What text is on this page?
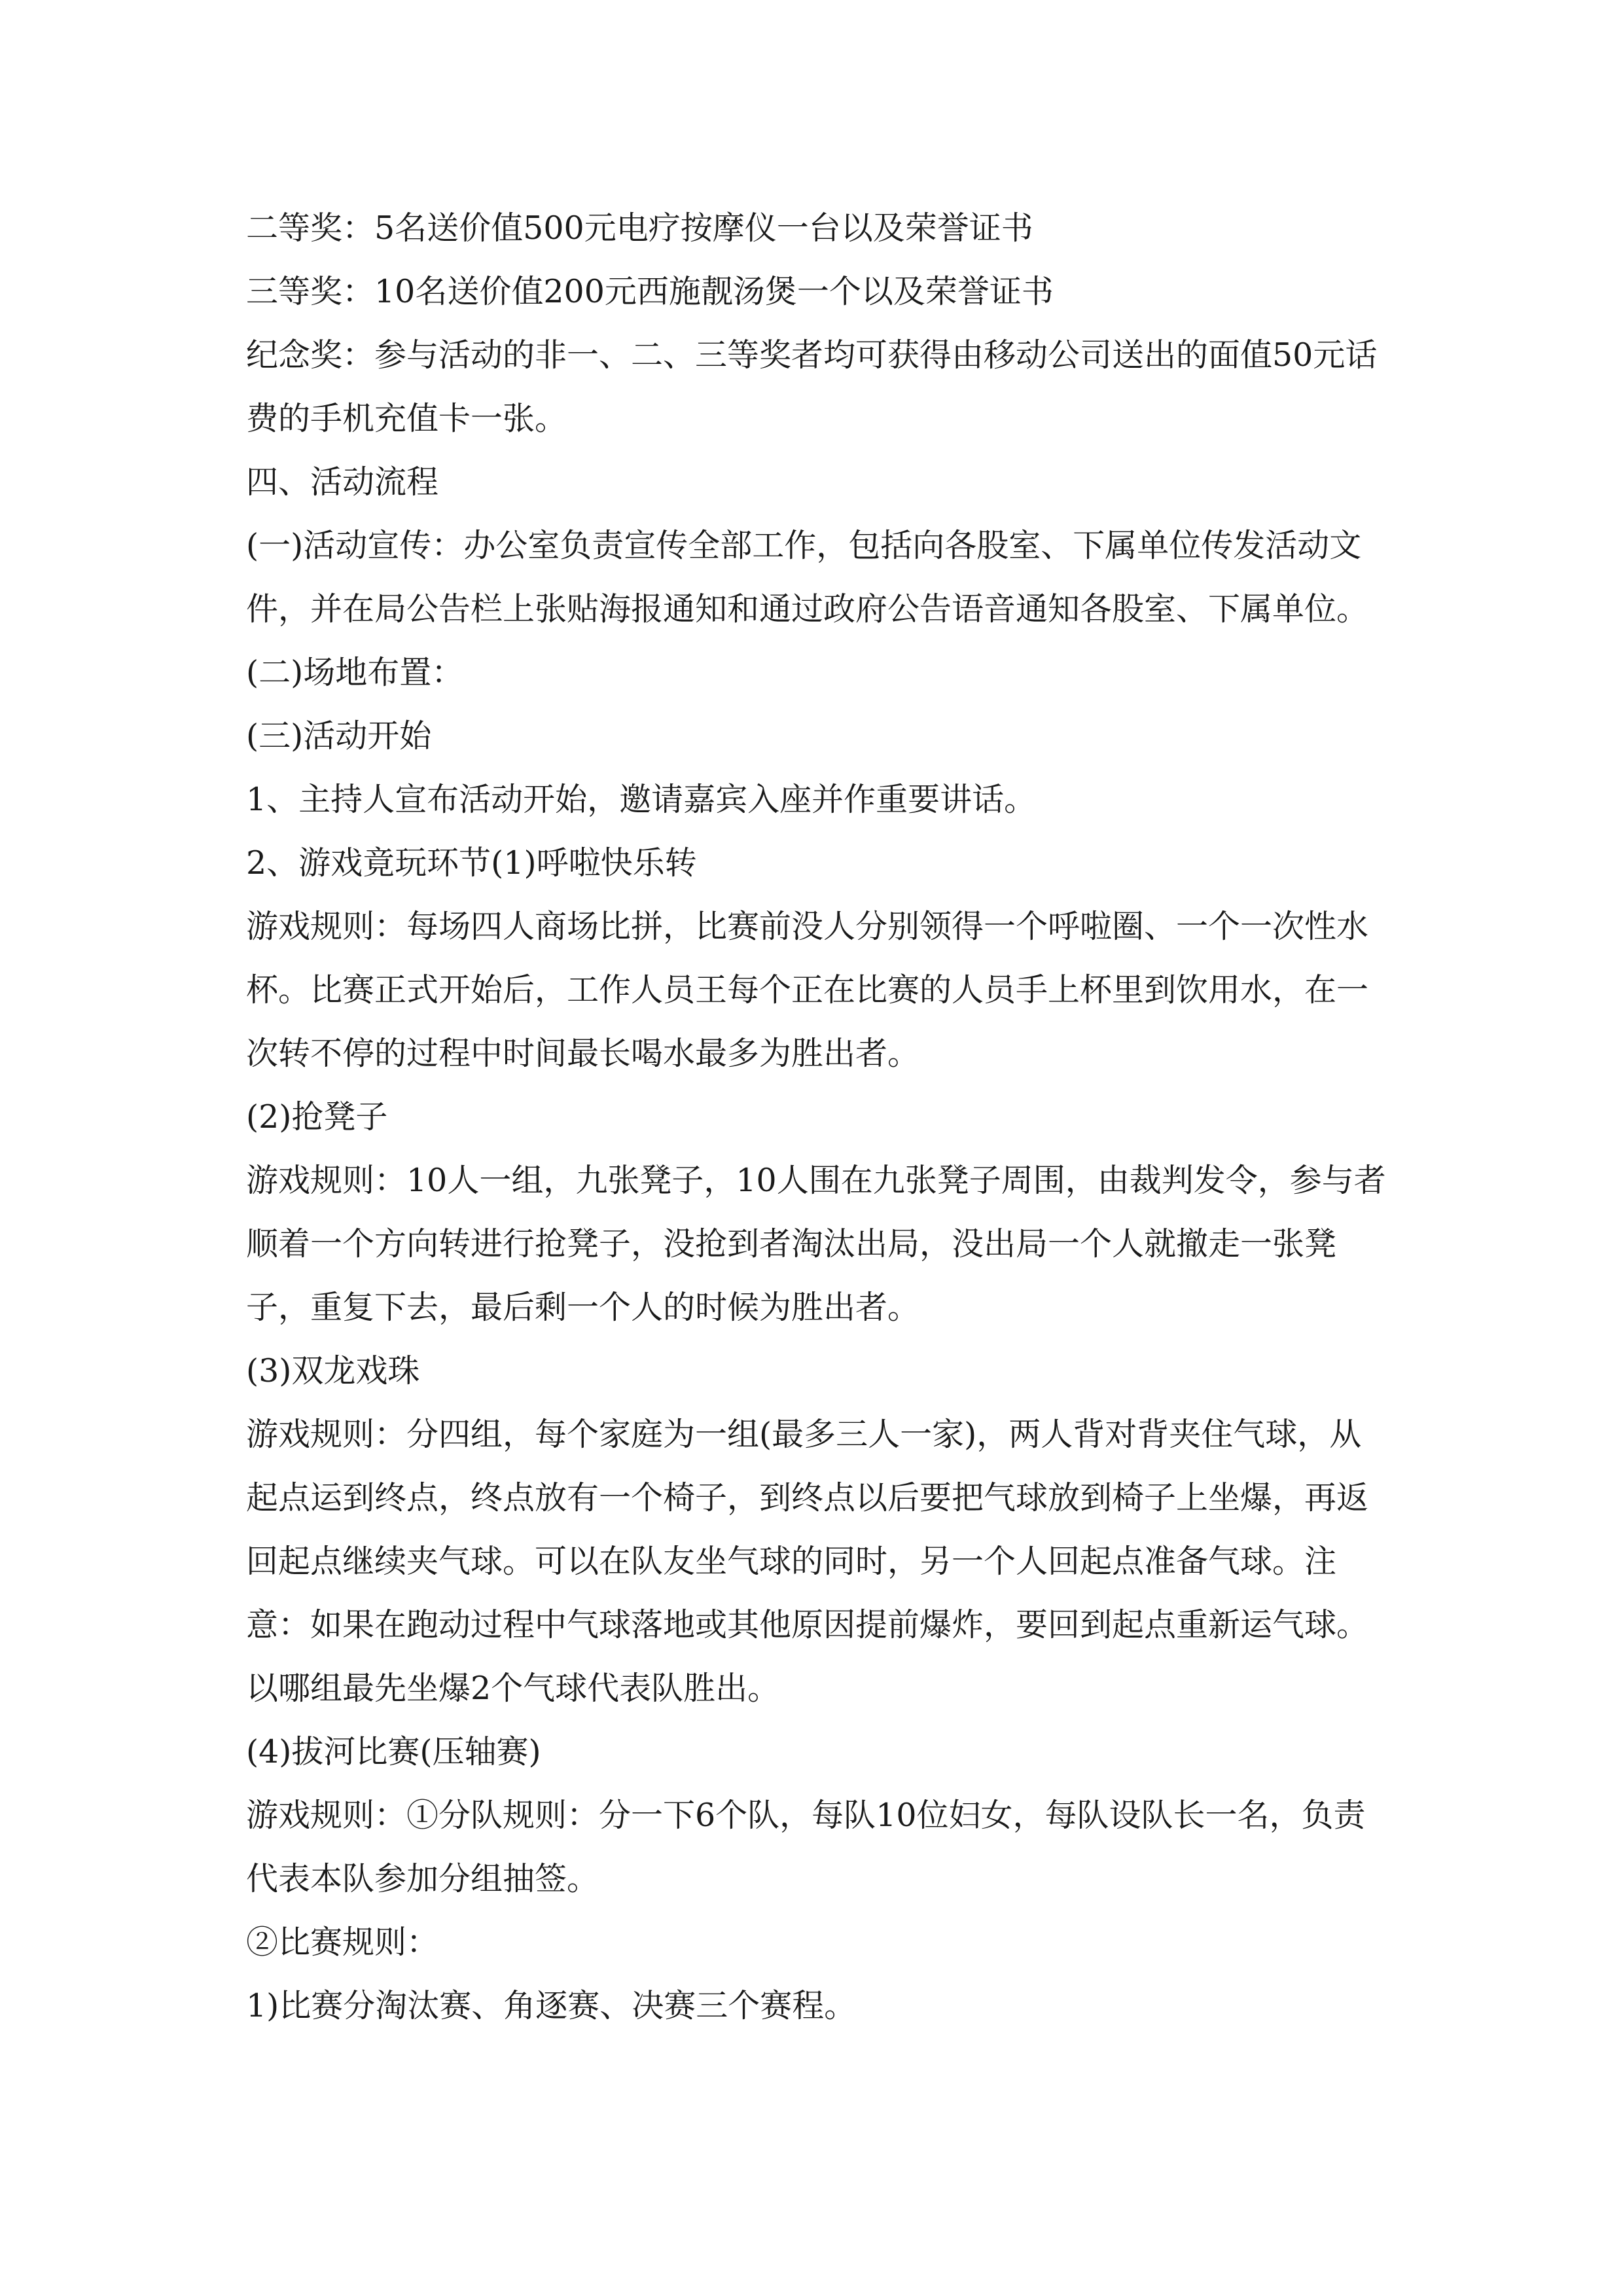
二等奖：5名送价值500元电疗按摩仪一台以及荣誉证书

三等奖：10名送价值200元西施靓汤煲一个以及荣誉证书

纪念奖：参与活动的非一、二、三等奖者均可获得由移动公司送出的面值50元话费的手机充值卡一张。

四、活动流程

(一)活动宣传：办公室负责宣传全部工作，包括向各股室、下属单位传发活动文件，并在局公告栏上张贴海报通知和通过政府公告语音通知各股室、下属单位。

(二)场地布置：

(三)活动开始

1、主持人宣布活动开始，邀请嘉宾入座并作重要讲话。

2、游戏竟玩环节(1)呼啦快乐转

游戏规则：每场四人商场比拼，比赛前没人分别领得一个呼啦圈、一个一次性水杯。比赛正式开始后，工作人员王每个正在比赛的人员手上杯里到饮用水，在一次转不停的过程中时间最长喝水最多为胜出者。

(2)抢凳子

游戏规则：10人一组，九张凳子，10人围在九张凳子周围，由裁判发令，参与者顺着一个方向转进行抢凳子，没抢到者淘汰出局，没出局一个人就撤走一张凳子，重复下去，最后剩一个人的时候为胜出者。

(3)双龙戏珠

游戏规则：分四组，每个家庭为一组(最多三人一家)，两人背对背夹住气球，从起点运到终点，终点放有一个椅子，到终点以后要把气球放到椅子上坐爆，再返回起点继续夹气球。可以在队友坐气球的同时，另一个人回起点准备气球。注意：如果在跑动过程中气球落地或其他原因提前爆炸，要回到起点重新运气球。以哪组最先坐爆2个气球代表队胜出。

(4)拔河比赛(压轴赛)

游戏规则：①分队规则：分一下6个队，每队10位妇女，每队设队长一名，负责代表本队参加分组抽签。

②比赛规则：

1)比赛分淘汰赛、角逐赛、决赛三个赛程。
